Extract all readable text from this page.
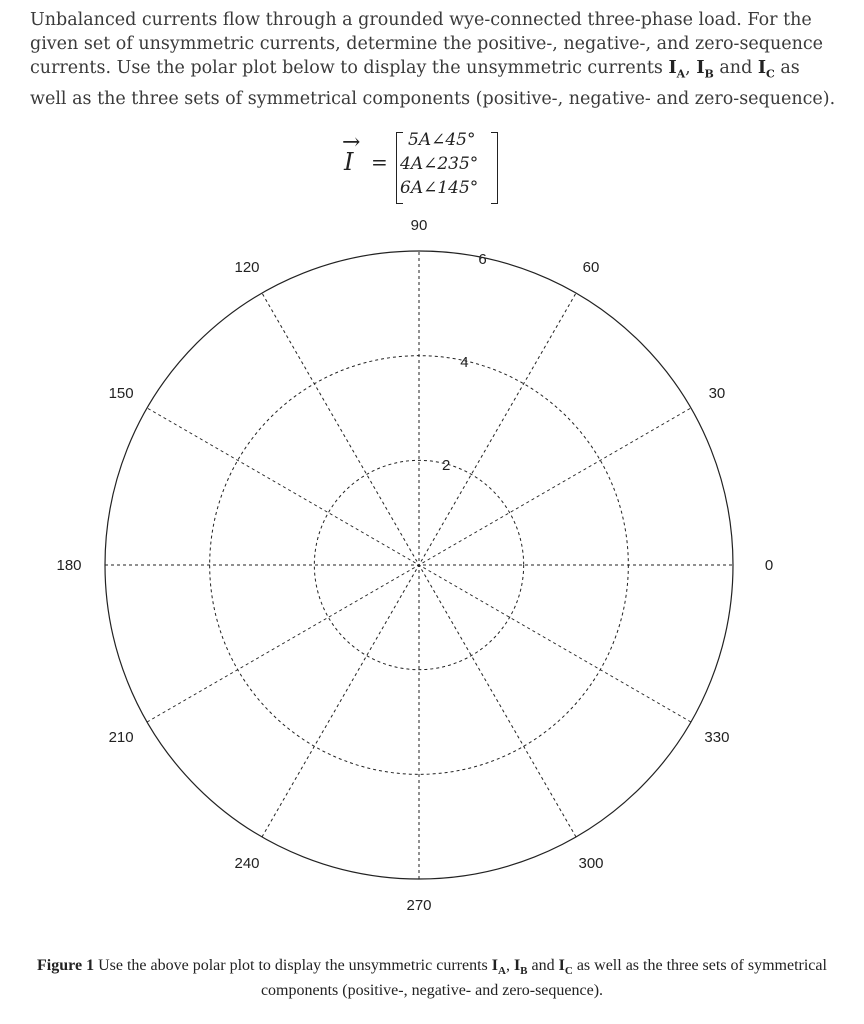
Unbalanced currents flow through a grounded wye-connected three-phase load. For the given set of unsymmetric currents, determine the positive-, negative-, and zero-sequence currents. Use the polar plot below to display the unsymmetric currents $I_A$, $I_B$ and $I_C$ as well as the three sets of symmetrical components (positive-, negative- and zero-sequence).
→
I =
5A∠45°
4A∠235°
6A∠145°
2
4
6
0
30
60
90
120
150
180
210
240
270
300
330
Figure 1 Use the above polar plot to display the unsymmetric currents $I_A$, $I_B$ and $I_C$ as well as the three sets of symmetrical components (positive-, negative- and zero-sequence).
